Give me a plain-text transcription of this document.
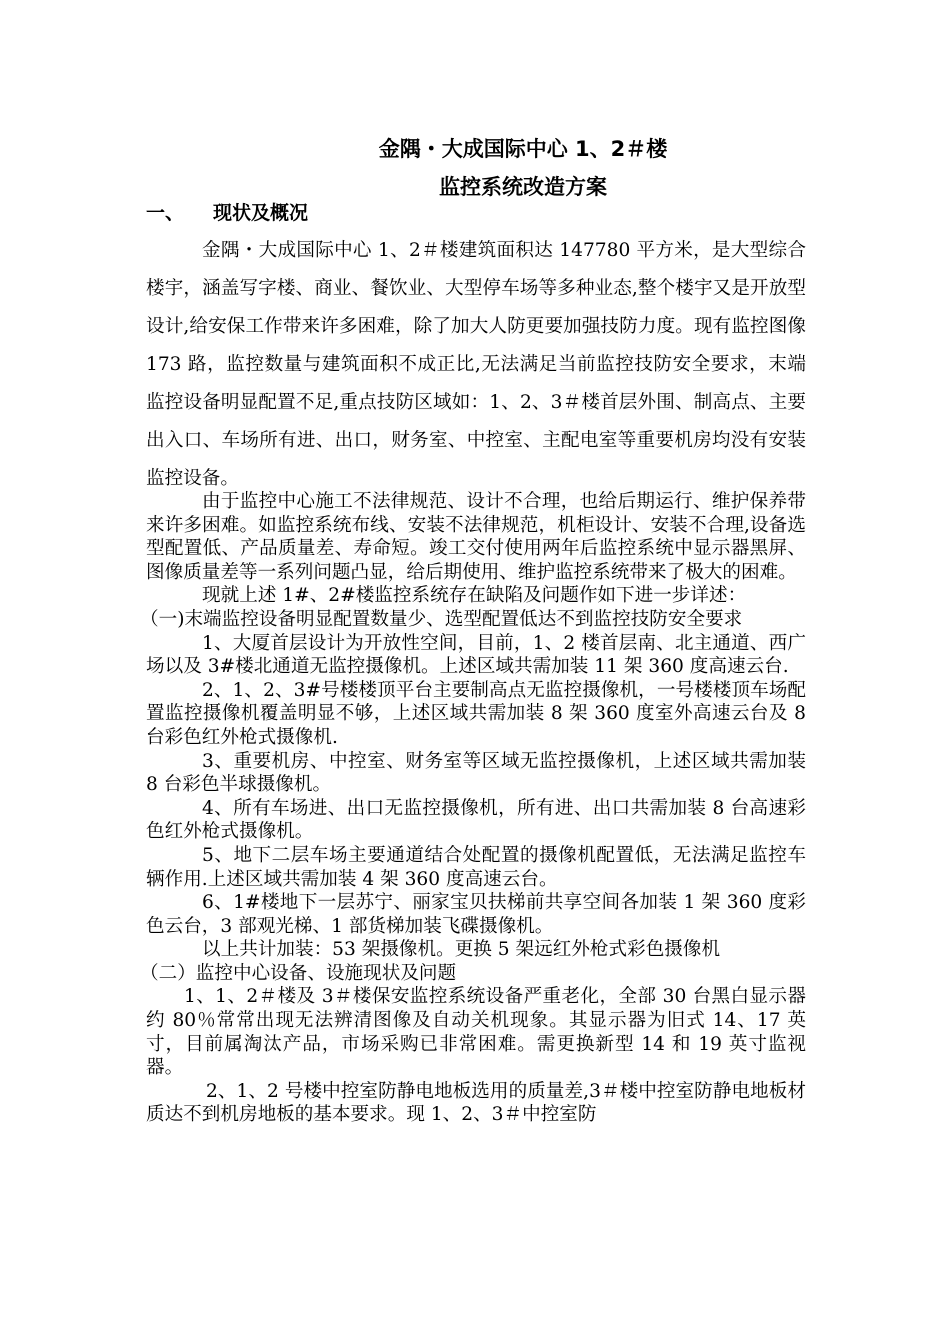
金隅・大成国际中心 1、2＃楼
监控系统改造方案
一、 现状及概况

金隅・大成国际中心 1、2＃楼建筑面积达 147780 平方米，是大型综合楼宇，涵盖写字楼、商业、餐饮业、大型停车场等多种业态,整个楼宇又是开放型设计,给安保工作带来许多困难，除了加大人防更要加强技防力度。现有监控图像 173 路，监控数量与建筑面积不成正比,无法满足当前监控技防安全要求，末端监控设备明显配置不足,重点技防区域如：1、2、3＃楼首层外围、制高点、主要出入口、车场所有进、出口，财务室、中控室、主配电室等重要机房均没有安装监控设备。

由于监控中心施工不法律规范、设计不合理，也给后期运行、维护保养带来许多困难。如监控系统布线、安装不法律规范，机柜设计、安装不合理,设备选型配置低、产品质量差、寿命短。竣工交付使用两年后监控系统中显示器黑屏、图像质量差等一系列问题凸显，给后期使用、维护监控系统带来了极大的困难。

现就上述 1#、2#楼监控系统存在缺陷及问题作如下进一步详述：

（一)末端监控设备明显配置数量少、选型配置低达不到监控技防安全要求

1、大厦首层设计为开放性空间，目前，1、2 楼首层南、北主通道、西广场以及 3#楼北通道无监控摄像机。上述区域共需加装 11 架 360 度高速云台.

2、1、2、3#号楼楼顶平台主要制高点无监控摄像机，一号楼楼顶车场配置监控摄像机覆盖明显不够，上述区域共需加装 8 架 360 度室外高速云台及 8 台彩色红外枪式摄像机.

3、重要机房、中控室、财务室等区域无监控摄像机，上述区域共需加装 8 台彩色半球摄像机。

4、所有车场进、出口无监控摄像机，所有进、出口共需加装 8 台高速彩色红外枪式摄像机。

5、地下二层车场主要通道结合处配置的摄像机配置低，无法满足监控车辆作用.上述区域共需加装 4 架 360 度高速云台。

6、1#楼地下一层苏宁、丽家宝贝扶梯前共享空间各加装 1 架 360 度彩色云台，3 部观光梯、1 部货梯加装飞碟摄像机。

以上共计加装：53 架摄像机。更换 5 架远红外枪式彩色摄像机

（二）监控中心设备、设施现状及问题

1、1、2＃楼及 3＃楼保安监控系统设备严重老化，全部 30 台黑白显示器约 80％常常出现无法辨清图像及自动关机现象。其显示器为旧式 14、17 英寸，目前属淘汰产品，市场采购已非常困难。需更换新型 14 和 19 英寸监视器。

2、1、2 号楼中控室防静电地板选用的质量差,3＃楼中控室防静电地板材质达不到机房地板的基本要求。现 1、2、3＃中控室防
